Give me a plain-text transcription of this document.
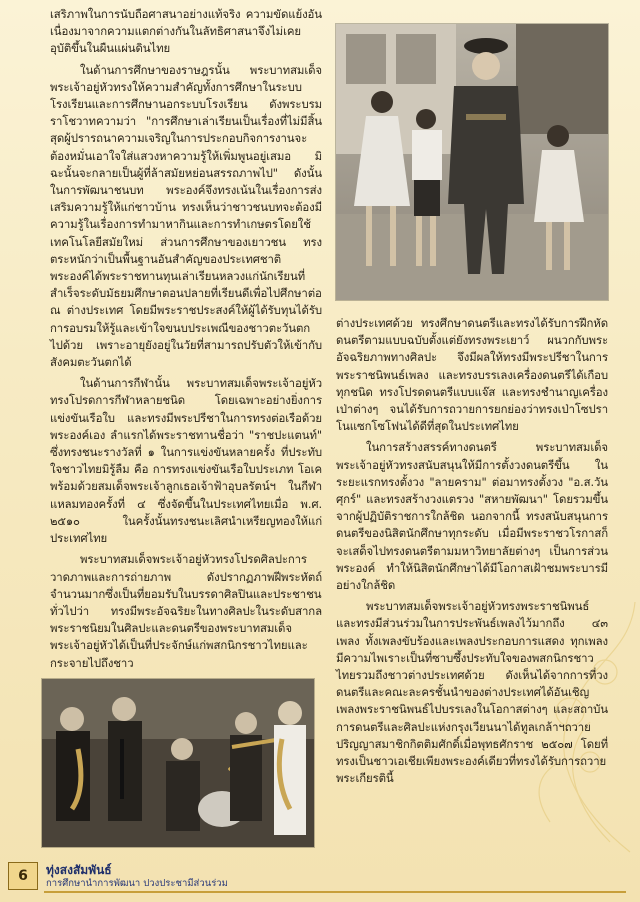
เสริภาพในการนับถือศาสนาอย่างแท้จริง ความขัดแย้งอันเนื่องมาจากความแตกต่างกันในลัทธิศาสนาจึงไม่เคยอุบัติขึ้นในผืนแผ่นดินไทย

ในด้านการศึกษาของราษฎรนั้น พระบาทสมเด็จพระเจ้าอยู่หัวทรงให้ความสำคัญทั้งการศึกษาในระบบโรงเรียนและการศึกษานอกระบบโรงเรียน ดังพระบรมราโชวาทความว่า "การศึกษาเล่าเรียนเป็นเรื่องที่ไม่มีสิ้นสุดผู้ปรารถนาความเจริญในการประกอบกิจการงานจะต้องหมั่นเอาใจใส่แสวงหาความรู้ให้เพิ่มพูนอยู่เสมอ มิฉะนั้นจะกลายเป็นผู้ที่ล้าสมัยหย่อนสรรถภาพไป" ดังนั้น ในการพัฒนาชนบท พระองค์จึงทรงเน้นในเรื่องการส่งเสริมความรู้ให้แก่ชาวบ้าน ทรงเห็นว่าชาวชนบทจะต้องมีความรู้ในเรื่องการทำมาหากินและการทำเกษตรโดยใช้เทคโนโลยีสมัยใหม่ ส่วนการศึกษาของเยาวชน ทรงตระหนักว่าเป็นพื้นฐานอันสำคัญของประเทศชาติ พระองค์ได้พระราชทานทุนเล่าเรียนหลวงแก่นักเรียนที่สำเร็จระดับมัธยมศึกษาตอนปลายที่เรียนดีเพื่อไปศึกษาต่อ ณ ต่างประเทศ โดยมีพระราชประสงค์ให้ผู้ได้รับทุนได้รับการอบรมให้รู้และเข้าใจขนบประเพณีของชาวตะวันตกไปด้วย เพราะอายุยังอยู่ในวัยที่สามารถปรับตัวให้เข้ากับสังคมตะวันตกได้

ในด้านการกีฬานั้น พระบาทสมเด็จพระเจ้าอยู่หัวทรงโปรดการกีฬาหลายชนิด โดยเฉพาะอย่างยิ่งการแข่งขันเรือใบ และทรงมีพระปรีชาในการทรงต่อเรือด้วยพระองค์เอง ลำแรกได้พระราชทานชื่อว่า "ราชปะแตนท์" ซึ่งทรงชนะรางวัลที่ ๑ ในการแข่งขันหลายครั้ง ที่ประทับใจชาวไทยมิรู้ลืม คือ การทรงแข่งขันเรือใบประเภท โอเค พร้อมด้วยสมเด็จพระเจ้าลูกเธอเจ้าฟ้าอุบลรัตน์ฯ ในกีฬาแหลมทองครั้งที่ ๔ ซึ่งจัดขึ้นในประเทศไทยเมื่อ พ.ศ. ๒๕๑๐ ในครั้งนั้นทรงชนะเลิศนำเหรียญทองให้แก่ประเทศไทย

พระบาทสมเด็จพระเจ้าอยู่หัวทรงโปรดศิลปะการวาดภาพและการถ่ายภาพ ดังปรากฏภาพฝีพระหัตถ์จำนวนมากซึ่งเป็นที่ยอมรับในบรรดาศิลปินและประชาชนทั่วไปว่า ทรงมีพระอัจฉริยะในทางศิลปะในระดับสากล พระราชนิยมในศิลปะและดนตรีของพระบาทสมเด็จพระเจ้าอยู่หัวได้เป็นที่ประจักษ์แก่พสกนิกรชาวไทยและกระจายไปถึงชาว

ต่างประเทศด้วย ทรงศึกษาดนตรีและทรงได้รับการฝึกหัดดนตรีตามแบบฉบับตั้งแต่ยังทรงพระเยาว์ ผนวกกับพระอัจฉริยภาพทางศิลปะ จึงมีผลให้ทรงมีพระปรีชาในการพระราชนิพนธ์เพลง และทรงบรรเลงเครื่องดนตรีได้เกือบทุกชนิด ทรงโปรดดนตรีแบบแจ๊ส และทรงชำนาญเครื่องเป่าต่างๆ จนได้รับการถวายการยกย่องว่าทรงเป่าโซปราโนแซกโซโฟนได้ดีที่สุดในประเทศไทย

ในการสร้างสรรค์ทางดนตรี พระบาทสมเด็จพระเจ้าอยู่หัวทรงสนับสนุนให้มีการตั้งวงดนตรีขึ้น ในระยะแรกทรงตั้งวง "ลายคราม" ต่อมาทรงตั้งวง "อ.ส.วันศุกร์" และทรงสร้างวงแตรวง "สหายพัฒนา" โดยรวมขึ้นจากผู้ปฏิบัติราชการใกล้ชิด นอกจากนี้ ทรงสนับสนุนการดนตรีของนิสิตนักศึกษาทุกระดับ เมื่อมีพระราชวโรกาสก็จะเสด็จไปทรงดนตรีตามมหาวิทยาลัยต่างๆ เป็นการส่วนพระองค์ ทำให้นิสิตนักศึกษาได้มีโอกาสเฝ้าชมพระบารมีอย่างใกล้ชิด

พระบาทสมเด็จพระเจ้าอยู่หัวทรงพระราชนิพนธ์และทรงมีส่วนร่วมในการประพันธ์เพลงไว้มากถึง ๔๓ เพลง ทั้งเพลงขับร้องและเพลงประกอบการแสดง ทุกเพลงมีความไพเราะเป็นที่ซาบซึ้งประทับใจของพสกนิกรชาวไทยรวมถึงชาวต่างประเทศด้วย ดังเห็นได้จากการที่วงดนตรีและคณะละครชั้นนำของต่างประเทศได้อันเชิญเพลงพระราชนิพนธ์ไปบรรเลงในโอกาสต่างๆ และสถาบันการดนตรีและศิลปะแห่งกรุงเวียนนาได้ทูลเกล้าฯถวายปริญญาสมาชิกกิตติมศักดิ์เมื่อพุทธศักราช ๒๕๐๗ โดยที่ทรงเป็นชาวเอเชียเพียงพระองค์เดียวที่ทรงได้รับการถวายพระเกียรตินี้

6	ทุ่งสงสัมพันธ์
การศึกษานำการพัฒนา ปวงประชามีส่วนร่วม
